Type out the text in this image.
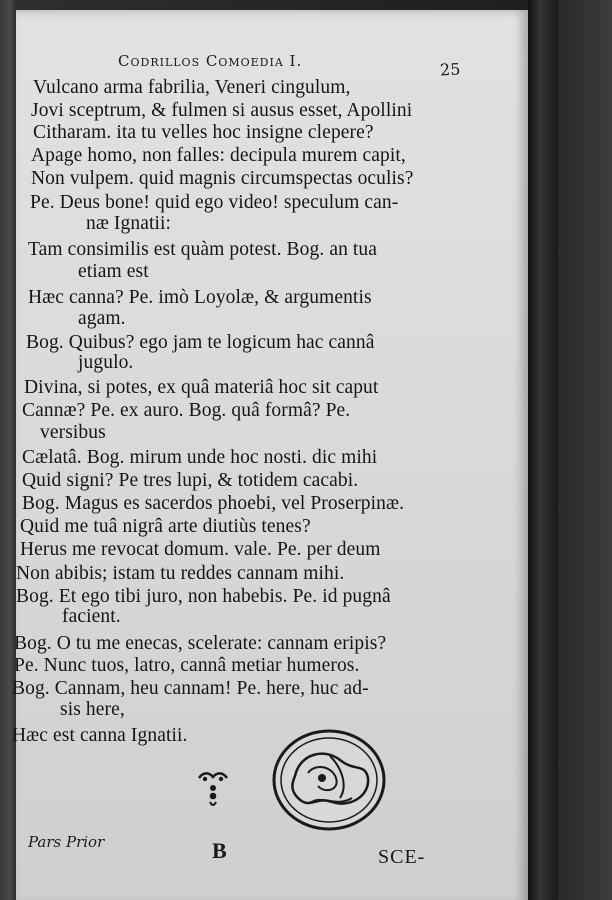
Codrillos Comoedia I.	25
Vulcano arma fabrilia, Veneri cingulum,
Jovi sceptrum, & fulmen si ausus esset, Apollini
Citharam. ita tu velles hoc insigne clepere?
Apage homo, non falles: decipula murem capit,
Non vulpem. quid magnis circumspectas oculis?
Pe. Deus bone! quid ego video! speculum can-
næ Ignatii:
Tam consimilis est quàm potest. Bog. an tua
etiam est
Hæc canna? Pe. imò Loyolæ, & argumentis
agam.
Bog. Quibus? ego jam te logicum hac cannâ
jugulo.
Divina, si potes, ex quâ materiâ hoc sit caput
Cannæ? Pe. ex auro. Bog. quâ formâ? Pe.
versibus
Cælatâ. Bog. mirum unde hoc nosti. dic mihi
Quid signi? Pe tres lupi, & totidem cacabi.
Bog. Magus es sacerdos phoebi, vel Proserpinæ.
Quid me tuâ nigrâ arte diutiùs tenes?
Herus me revocat domum. vale. Pe. per deum
Non abibis; istam tu reddes cannam mihi.
Bog. Et ego tibi juro, non habebis. Pe. id pugnâ
facient.
Bog. O tu me enecas, scelerate: cannam eripis?
Pe. Nunc tuos, latro, cannâ metiar humeros.
Bog. Cannam, heu cannam! Pe. here, huc ad-
sis here,
Hæc est canna Ignatii.
Pars Prior	B	SCE-
